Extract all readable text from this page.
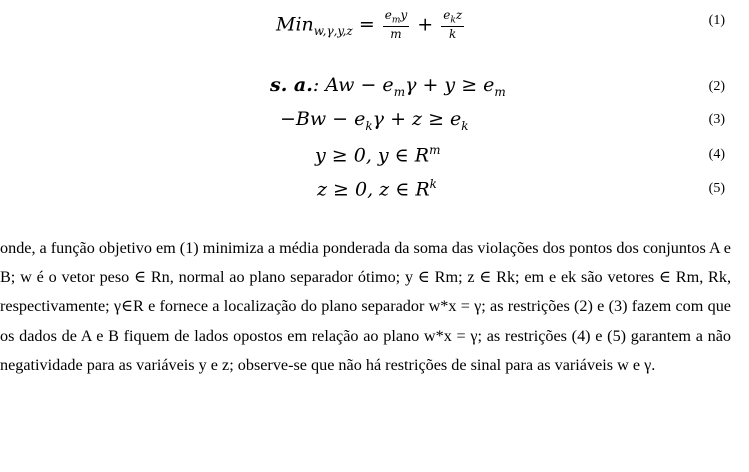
$Min_{w,\gamma,y,z} = \frac{e_my}{m} + \frac{e_kz}{k}$	(1)
s. a.: $Aw - e_m\gamma + y \ge e_m$	(2)
$-Bw - e_k\gamma + z \ge e_k$	(3)
y ≥ 0, y ∈ $R^m$	(4)
z ≥ 0, z ∈ $R^k$	(5)

onde, a função objetivo em (1) minimiza a média ponderada da soma das violações dos pontos dos conjuntos A e B; w é o vetor peso ∈ Rn, normal ao plano separador ótimo; y ∈ Rm; z ∈ Rk; em e ek são vetores ∈ Rm, Rk, respectivamente; γ∈R e fornece a localização do plano separador w*x = γ; as restrições (2) e (3) fazem com que os dados de A e B fiquem de lados opostos em relação ao plano w*x = γ; as restrições (4) e (5) garantem a não negatividade para as variáveis y e z; observe-se que não há restrições de sinal para as variáveis w e γ.
